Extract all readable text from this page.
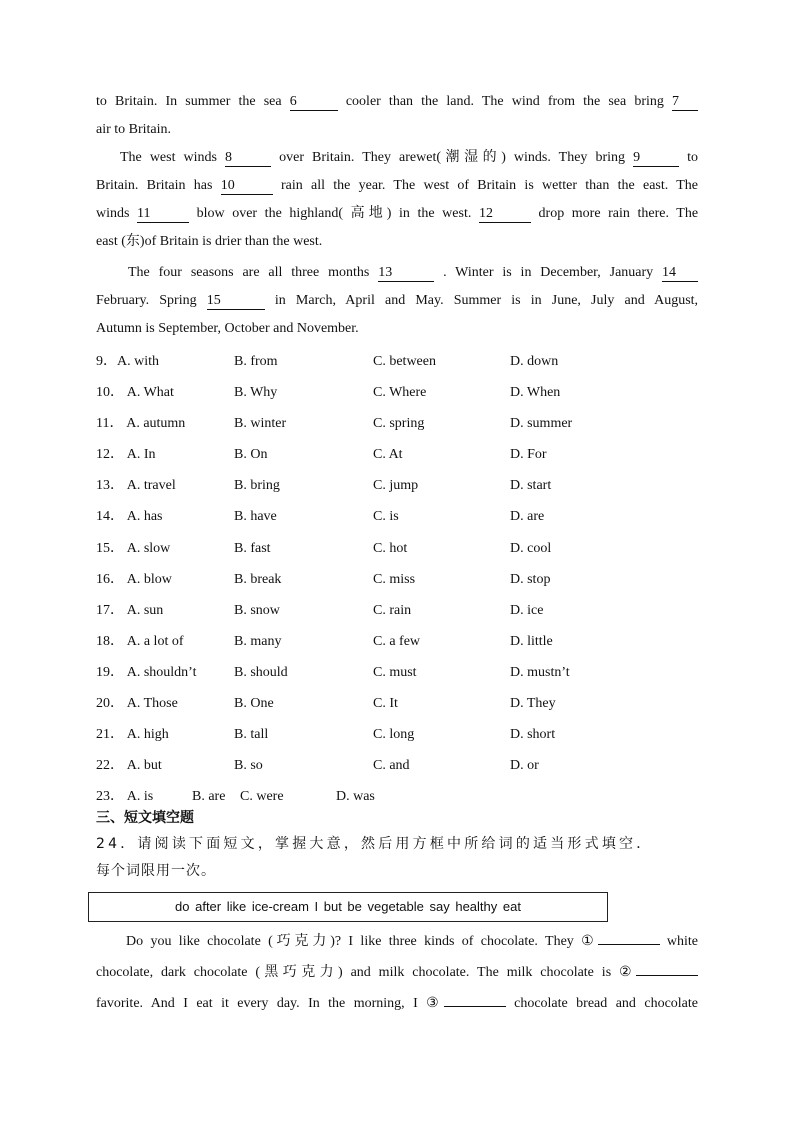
to Britain. In summer the sea 6	cooler than the land. The wind from the sea bring 7
air to Britain.
The west winds 8	over Britain. They arewet(潮湿的) winds. They bring 9	to
Britain. Britain has 10	rain all the year. The west of Britain is wetter than the east. The
winds 11	blow over the highland( 高地) in the west. 12	drop more rain there. The
east (东)of Britain is drier than the west.
The four seasons are all three months 13	. Winter is in December, January 14
February. Spring 15	in March, April and May. Summer is in June, July and August,
Autumn is September, October and November.
9．A. with	B. from	C. between	D. down
10． A. What	B. Why	C. Where	D. When
11． A. autumn	B. winter	C. spring	D. summer
12． A. In	B. On	C. At	D. For
13． A. travel	B. bring	C. jump	D. start
14． A. has	B. have	C. is	D. are
15． A. slow	B. fast	C. hot	D. cool
16． A. blow	B. break	C. miss	D. stop
17． A. sun	B. snow	C. rain	D. ice
18． A. a lot of	B. many	C. a few	D. little
19． A. shouldn’t	B. should	C. must	D. mustn’t
20． A. Those	B. One	C. It	D. They
21． A. high	B. tall	C. long	D. short
22． A. but	B. so	C. and	D. or
23． A. is	B. are C. were	D. was
三、短文填空题
24．请阅读下面短文，掌握大意，然后用方框中所给词的适当形式填空．
每个词限用一次。
do after like ice-cream I but be vegetable say healthy eat
Do you like chocolate (巧克力)? I like three kinds of chocolate. They ①	white
chocolate, dark chocolate (黑巧克力) and milk chocolate. The milk chocolate is ②
favorite. And I eat it every day. In the morning, I ③	chocolate bread and chocolate
